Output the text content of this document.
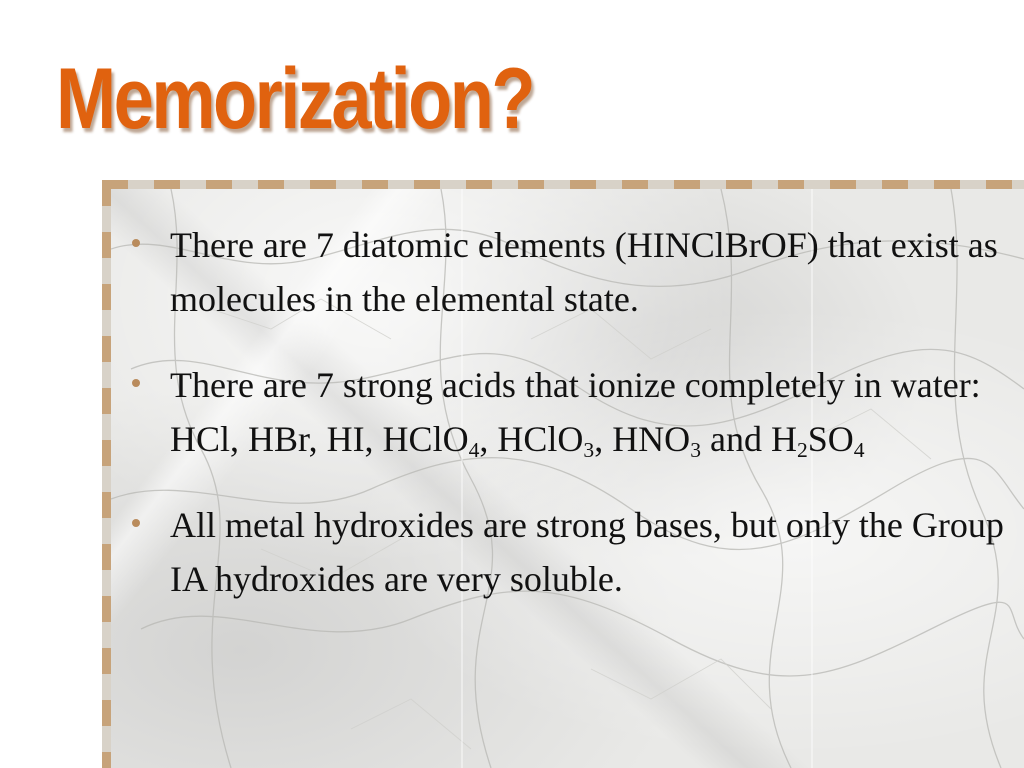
Memorization?
There are 7 diatomic elements (HINClBrOF) that exist as molecules in the elemental state.
There are 7 strong acids that ionize completely in water: HCl, HBr, HI, HClO$_4$, HClO$_3$, $HNO_3$ and $H_2SO_4$
All metal hydroxides are strong bases, but only the Group IA hydroxides are very soluble.
